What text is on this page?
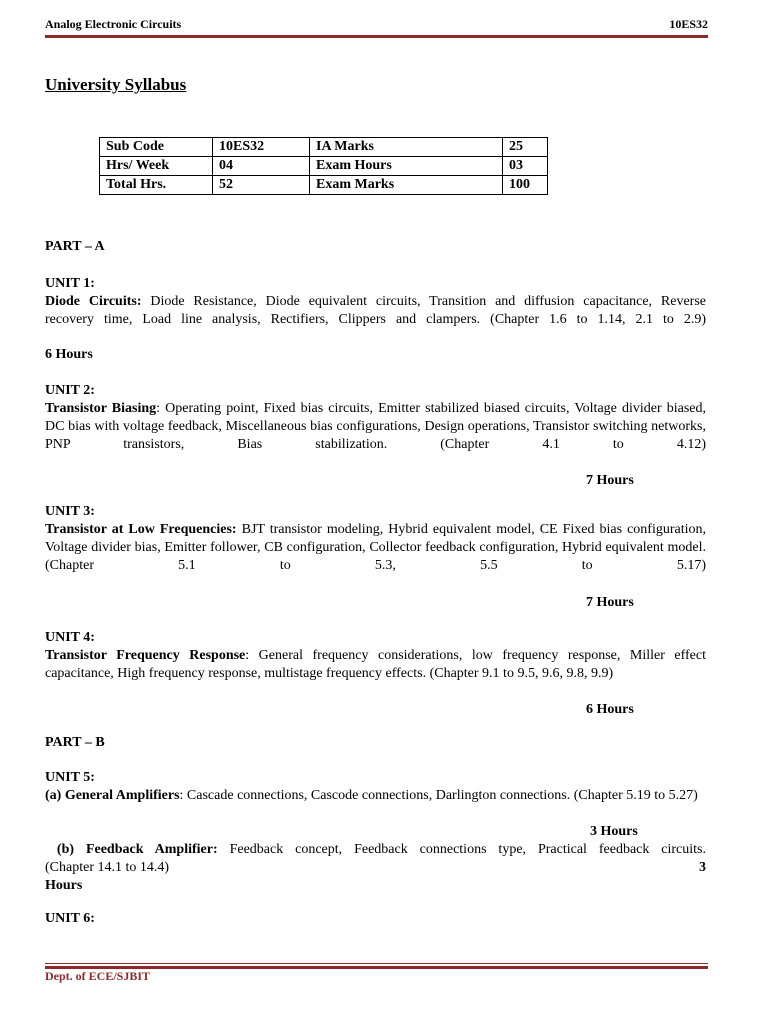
Analog Electronic Circuits	10ES32
University Syllabus
Sub Code	10ES32	IA Marks	25
Hrs/ Week	04	Exam Hours	03
Total Hrs.	52	Exam Marks	100
PART – A
UNIT 1:
Diode Circuits: Diode Resistance, Diode equivalent circuits, Transition and diffusion capacitance, Reverse
recovery time, Load line analysis, Rectifiers, Clippers and clampers. (Chapter 1.6 to 1.14, 2.1 to 2.9)
6 Hours
UNIT 2:
Transistor Biasing: Operating point, Fixed bias circuits, Emitter stabilized biased circuits, Voltage divider biased, DC bias with voltage feedback, Miscellaneous bias configurations, Design operations, Transistor switching networks, PNP transistors, Bias stabilization. (Chapter 4.1 to 4.12)
7 Hours
UNIT 3:
Transistor at Low Frequencies: BJT transistor modeling, Hybrid equivalent model, CE Fixed bias configuration, Voltage divider bias, Emitter follower, CB configuration, Collector feedback configuration, Hybrid equivalent model. (Chapter 5.1 to 5.3, 5.5 to 5.17)
7 Hours
UNIT 4:
Transistor Frequency Response: General frequency considerations, low frequency response, Miller effect capacitance, High frequency response, multistage frequency effects. (Chapter 9.1 to 9.5, 9.6, 9.8, 9.9)
6 Hours
PART – B
UNIT 5:
(a) General Amplifiers: Cascade connections, Cascode connections, Darlington connections. (Chapter 5.19 to 5.27)
3 Hours
(b) Feedback Amplifier: Feedback concept, Feedback connections type, Practical feedback circuits.
(Chapter 14.1 to 14.4)	3
Hours
UNIT 6:
Dept. of ECE/SJBIT
